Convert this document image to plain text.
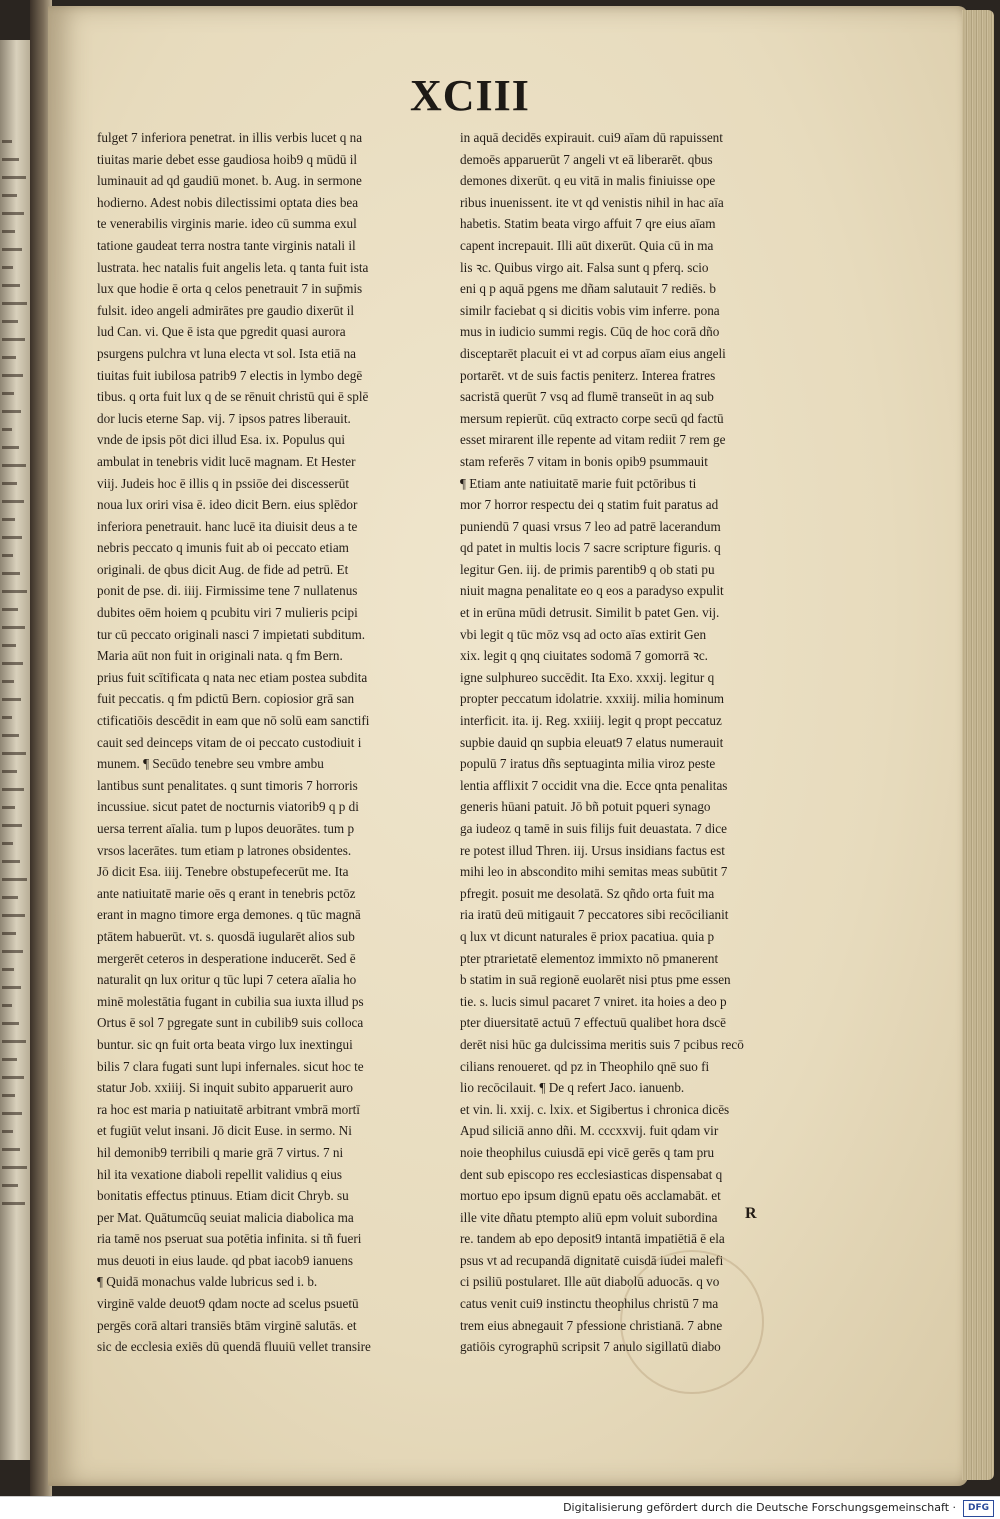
XCIII
fulget 7 inferiora penetrat. in illis verbis lucet q na
tiuitas marie debet esse gaudiosa hoib9 q mūdū il
luminauit ad qd gaudiū monet. b. Aug. in sermone
hodierno. Adest nobis dilectissimi optata dies bea
te venerabilis virginis marie. ideo cū summa exul
tatione gaudeat terra nostra tante virginis natali il
lustrata. hec natalis fuit angelis leta. q tanta fuit ista
lux que hodie ē orta q celos penetrauit 7 in sup̄mis
fulsit. ideo angeli admirātes pre gaudio dixerūt il
lud Can. vi. Que ē ista que pgredit quasi aurora
psurgens pulchra vt luna electa vt sol. Ista etiā na
tiuitas fuit iubilosa patrib9 7 electis in lymbo degē
tibus. q orta fuit lux q de se rēnuit christū qui ē splē
dor lucis eterne Sap. vij. 7 ipsos patres liberauit.
vnde de ipsis pōt dici illud Esa. ix. Populus qui
ambulat in tenebris vidit lucē magnam. Et Hester
viij. Judeis hoc ē illis q in pssiōe dei discesserūt
noua lux oriri visa ē. ideo dicit Bern. eius splēdor
inferiora penetrauit. hanc lucē ita diuisit deus a te
nebris peccato q imunis fuit ab oi peccato etiam
originali. de qbus dicit Aug. de fide ad petrū. Et
ponit de pse. di. iiij. Firmissime tene 7 nullatenus
dubites oēm hoiem q pcubitu viri 7 mulieris pcipi
tur cū peccato originali nasci 7 impietati subditum.
Maria aūt non fuit in originali nata. q fm Bern.
prius fuit scītificata q nata nec etiam postea subdita
fuit peccatis. q fm pdictū Bern. copiosior grā san
ctificatiōis descēdit in eam que nō solū eam sanctifi
cauit sed deinceps vitam de oi peccato custodiuit i
munem. ¶ Secūdo tenebre seu vmbre ambu
lantibus sunt penalitates. q sunt timoris 7 horroris
incussiue. sicut patet de nocturnis viatorib9 q p di
uersa terrent aīalia. tum p lupos deuorātes. tum p
vrsos lacerātes. tum etiam p latrones obsidentes.
Jō dicit Esa. iiij. Tenebre obstupefecerūt me. Ita
ante natiuitatē marie oēs q erant in tenebris pctōz
erant in magno timore erga demones. q tūc magnā
ptātem habuerūt. vt. s. quosdā iugularēt alios sub
mergerēt ceteros in desperatione inducerēt. Sed ē
naturalit qn lux oritur q tūc lupi 7 cetera aīalia ho
minē molestātia fugant in cubilia sua iuxta illud ps
Ortus ē sol 7 pgregate sunt in cubilib9 suis colloca
buntur. sic qn fuit orta beata virgo lux inextingui
bilis 7 clara fugati sunt lupi infernales. sicut hoc te
statur Job. xxiiij. Si inquit subito apparuerit auro
ra hoc est maria p natiuitatē arbitrant vmbrā mortī
et fugiūt velut insani. Jō dicit Euse. in sermo. Ni
hil demonib9 terribili q marie grā 7 virtus. 7 ni
hil ita vexatione diaboli repellit validius q eius
bonitatis effectus ptinuus. Etiam dicit Chryb. su
per Mat. Quātumcūq seuiat malicia diabolica ma
ria tamē nos pseruat sua potētia infinita. si tñ fueri
mus deuoti in eius laude. qd pbat iacob9 ianuens
¶ Quidā monachus valde lubricus sed i. b.
virginē valde deuot9 qdam nocte ad scelus psuetū
pergēs corā altari transiēs btām virginē salutās. et
sic de ecclesia exiēs dū quendā fluuiū vellet transire
in aquā decidēs expirauit. cui9 aīam dū rapuissent
demoēs apparuerūt 7 angeli vt eā liberarēt. qbus
demones dixerūt. q eu vitā in malis finiuisse ope
ribus inuenissent. ite vt qd venistis nihil in hac aīa
habetis. Statim beata virgo affuit 7 qre eius aīam
capent increpauit. Illi aūt dixerūt. Quia cū in ma
lis ꝛc. Quibus virgo ait. Falsa sunt q pferq. scio
eni q p aquā pgens me dñam salutauit 7 rediēs. b
similr faciebat q si dicitis vobis vim inferre. pona
mus in iudicio summi regis. Cūq de hoc corā dño
disceptarēt placuit ei vt ad corpus aīam eius angeli
portarēt. vt de suis factis peniterz. Interea fratres
sacristā querūt 7 vsq ad flumē transeūt in aq sub
mersum repierūt. cūq extracto corpe secū qd factū
esset mirarent ille repente ad vitam rediit 7 rem ge
stam referēs 7 vitam in bonis opib9 psummauit
¶ Etiam ante natiuitatē marie fuit pctōribus ti
mor 7 horror respectu dei q statim fuit paratus ad
puniendū 7 quasi vrsus 7 leo ad patrē lacerandum
qd patet in multis locis 7 sacre scripture figuris. q
legitur Gen. iij. de primis parentib9 q ob stati pu
niuit magna penalitate eo q eos a paradyso expulit
et in erūna mūdi detrusit. Similit b patet Gen. vij.
vbi legit q tūc mōz vsq ad octo aīas extirit Gen
xix. legit q qnq ciuitates sodomā 7 gomorrā ꝛc.
igne sulphureo succēdit. Ita Exo. xxxij. legitur q
propter peccatum idolatrie. xxxiij. milia hominum
interficit. ita. ij. Reg. xxiiij. legit q propt peccatuz
supbie dauid qn supbia eleuat9 7 elatus numerauit
populū 7 iratus dñs septuaginta milia viroz peste
lentia afflixit 7 occidit vna die. Ecce qnta penalitas
generis hūani patuit. Jō bñ potuit pqueri synago
ga iudeoz q tamē in suis filijs fuit deuastata. 7 dice
re potest illud Thren. iij. Ursus insidians factus est
mihi leo in abscondito mihi semitas meas subūtit 7
pfregit. posuit me desolatā. Sz qñdo orta fuit ma
ria iratū deū mitigauit 7 peccatores sibi recōcilianit
q lux vt dicunt naturales ē priox pacatiua. quia p
pter ptrarietatē elementoz immixto nō pmanerent
b statim in suā regionē euolarēt nisi ptus pme essen
tie. s. lucis simul pacaret 7 vniret. ita hoies a deo p
pter diuersitatē actuū 7 effectuū qualibet hora dscē
derēt nisi hūc ga dulcissima meritis suis 7 pcibus recō
cilians renoueret. qd pz in Theophilo qnē suo fi
lio recōcilauit. ¶ De q refert Jaco. ianuenb.
et vin. li. xxij. c. lxix. et Sigibertus i chronica dicēs
Apud siliciā anno dñi. M. cccxxvij. fuit qdam vir
noie theophilus cuiusdā epi vicē gerēs q tam pru
dent sub episcopo res ecclesiasticas dispensabat q
mortuo epo ipsum dignū epatu oēs acclamabāt. et
ille vite dñatu ptempto aliū epm voluit subordina
re. tandem ab epo deposit9 intantā impatiētiā ē ela
psus vt ad recupandā dignitatē cuisdā iudei malefi
ci psiliū postularet. Ille aūt diabolū aduocās. q vo
catus venit cui9 instinctu theophilus christū 7 ma
trem eius abnegauit 7 pfessione christianā. 7 abne
gatiōis cyrographū scripsit 7 anulo sigillatū diabo
R
Digitalisierung gefördert durch die Deutsche Forschungsgemeinschaft ·	DFG
